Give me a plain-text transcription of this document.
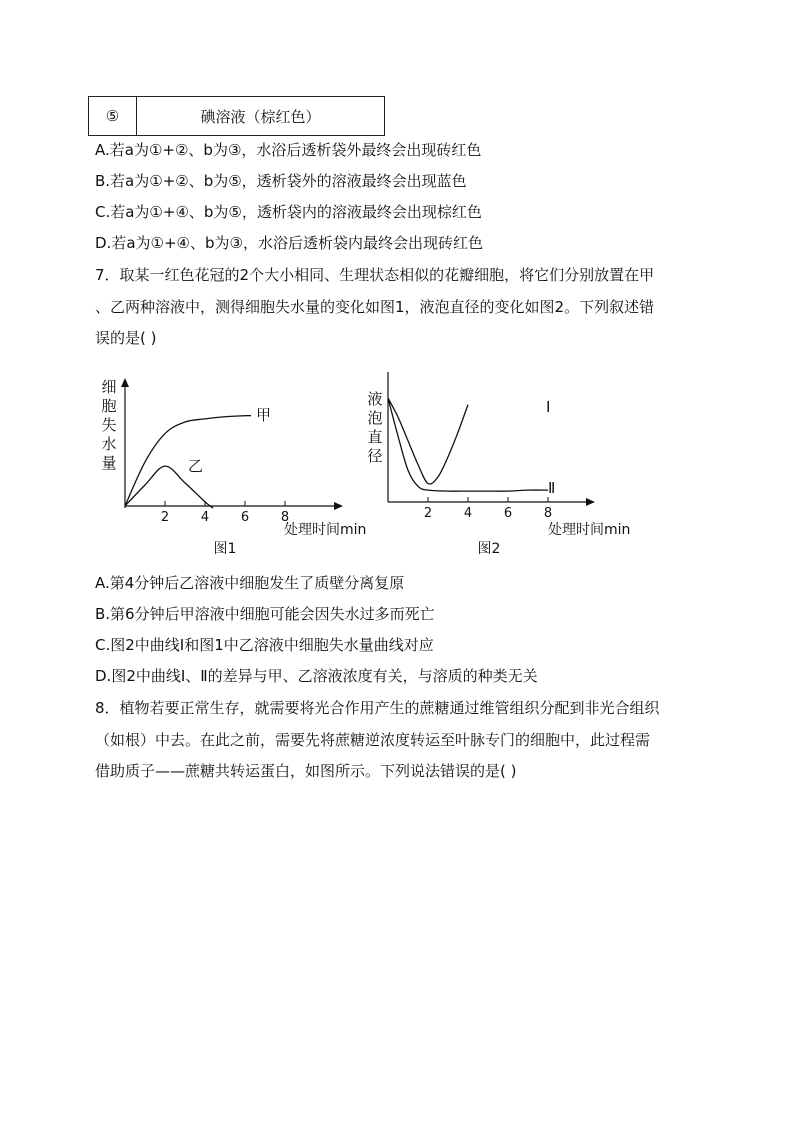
⑤	碘溶液（棕红色）
A.若a为①+②、b为③，水浴后透析袋外最终会出现砖红色
B.若a为①+②、b为⑤，透析袋外的溶液最终会出现蓝色
C.若a为①+④、b为⑤，透析袋内的溶液最终会出现棕红色
D.若a为①+④、b为③，水浴后透析袋内最终会出现砖红色
7．取某一红色花冠的2个大小相同、生理状态相似的花瓣细胞，将它们分别放置在甲
、乙两种溶液中，测得细胞失水量的变化如图1，液泡直径的变化如图2。下列叙述错
误的是( )
细
胞
失
水
量
2 4 6 8
甲
乙
处理时间min
图1
液
泡
直
径
2 4 6 8
Ⅰ
Ⅱ
处理时间min
图2
A.第4分钟后乙溶液中细胞发生了质壁分离复原
B.第6分钟后甲溶液中细胞可能会因失水过多而死亡
C.图2中曲线Ⅰ和图1中乙溶液中细胞失水量曲线对应
D.图2中曲线Ⅰ、Ⅱ的差异与甲、乙溶液浓度有关，与溶质的种类无关
8．植物若要正常生存，就需要将光合作用产生的蔗糖通过维管组织分配到非光合组织
（如根）中去。在此之前，需要先将蔗糖逆浓度转运至叶脉专门的细胞中，此过程需
借助质子——蔗糖共转运蛋白，如图所示。下列说法错误的是( )
